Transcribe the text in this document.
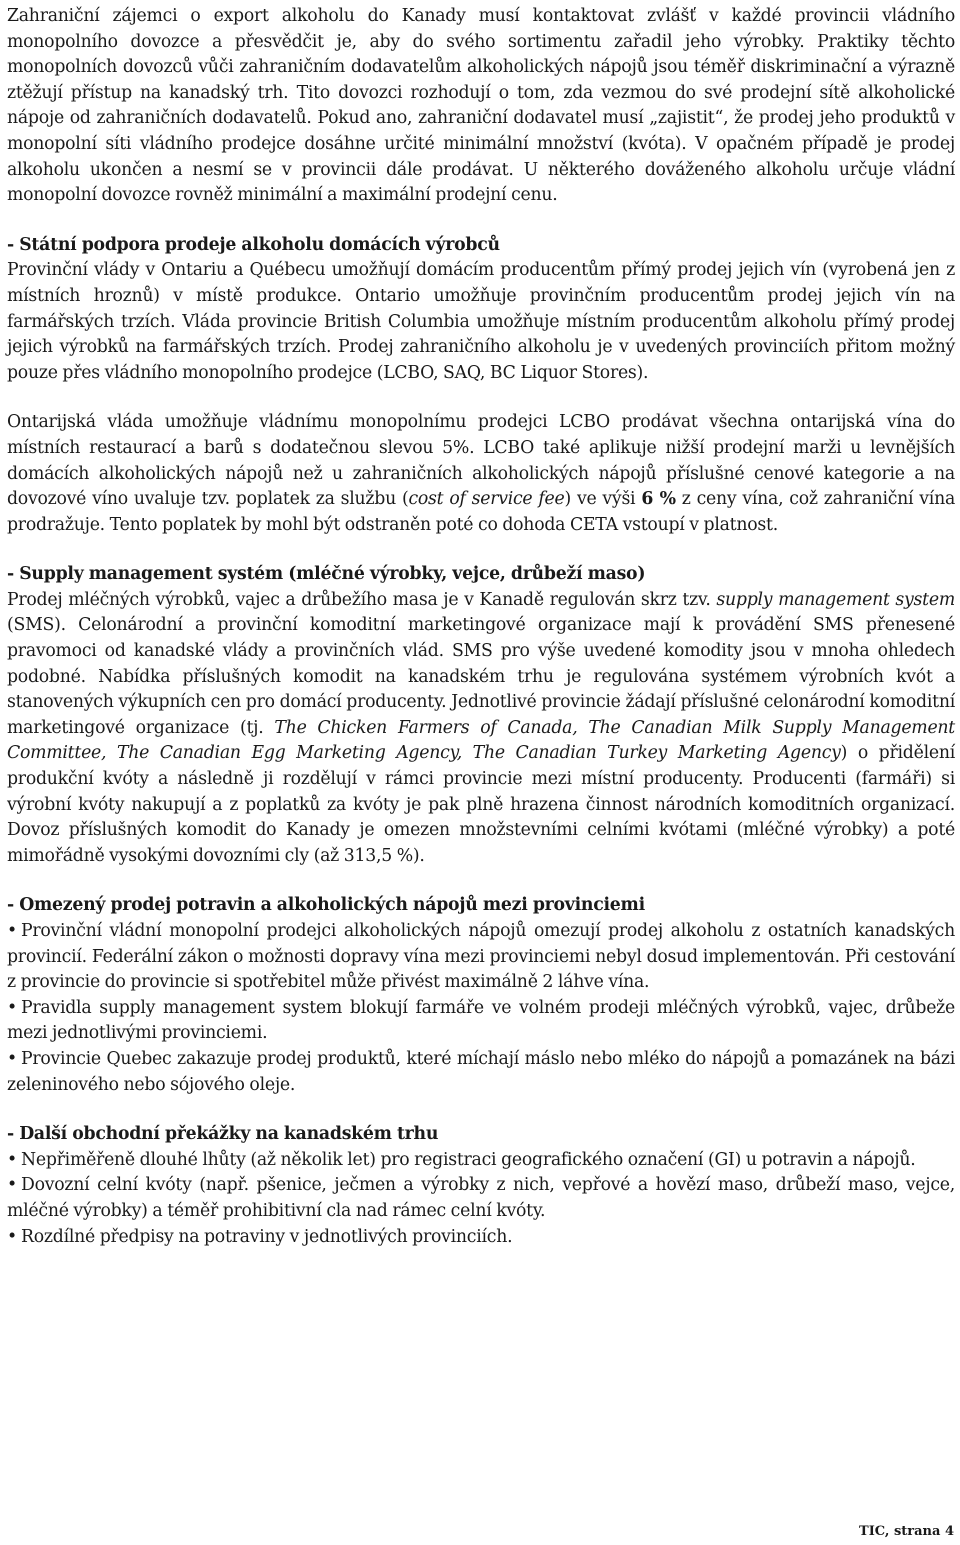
Zahraniční zájemci o export alkoholu do Kanady musí kontaktovat zvlášť v každé provincii vládního monopolního dovozce a přesvědčit je, aby do svého sortimentu zařadil jeho výrobky. Praktiky těchto monopolních dovozců vůči zahraničním dodavatelům alkoholických nápojů jsou téměř diskriminační a výrazně ztěžují přístup na kanadský trh. Tito dovozci rozhodují o tom, zda vezmou do své prodejní sítě alkoholické nápoje od zahraničních dodavatelů. Pokud ano, zahraniční dodavatel musí „zajistit“, že prodej jeho produktů v monopolní síti vládního prodejce dosáhne určité minimální množství (kvóta). V opačném případě je prodej alkoholu ukončen a nesmí se v provincii dále prodávat. U některého dováženého alkoholu určuje vládní monopolní dovozce rovněž minimální a maximální prodejní cenu.

- Státní podpora prodeje alkoholu domácích výrobců

Provinční vlády v Ontariu a Québecu umožňují domácím producentům přímý prodej jejich vín (vyrobená jen z místních hroznů) v místě produkce. Ontario umožňuje provinčním producentům prodej jejich vín na farmářských trzích. Vláda provincie British Columbia umožňuje místním producentům alkoholu přímý prodej jejich výrobků na farmářských trzích. Prodej zahraničního alkoholu je v uvedených provinciích přitom možný pouze přes vládního monopolního prodejce (LCBO, SAQ, BC Liquor Stores).

Ontarijská vláda umožňuje vládnímu monopolnímu prodejci LCBO prodávat všechna ontarijská vína do místních restaurací a barů s dodatečnou slevou 5%. LCBO také aplikuje nižší prodejní marži u levnějších domácích alkoholických nápojů než u zahraničních alkoholických nápojů příslušné cenové kategorie a na dovozové víno uvaluje tzv. poplatek za službu (cost of service fee) ve výši 6 % z ceny vína, což zahraniční vína prodražuje. Tento poplatek by mohl být odstraněn poté co dohoda CETA vstoupí v platnost.

- Supply management systém (mléčné výrobky, vejce, drůbeží maso)

Prodej mléčných výrobků, vajec a drůbežího masa je v Kanadě regulován skrz tzv. supply management system (SMS). Celonárodní a provinční komoditní marketingové organizace mají k provádění SMS přenesené pravomoci od kanadské vlády a provinčních vlád. SMS pro výše uvedené komodity jsou v mnoha ohledech podobné. Nabídka příslušných komodit na kanadském trhu je regulována systémem výrobních kvót a stanovených výkupních cen pro domácí producenty. Jednotlivé provincie žádají příslušné celonárodní komoditní marketingové organizace (tj. The Chicken Farmers of Canada, The Canadian Milk Supply Management Committee, The Canadian Egg Marketing Agency, The Canadian Turkey Marketing Agency) o přidělení produkční kvóty a následně ji rozdělují v rámci provincie mezi místní producenty. Producenti (farmáři) si výrobní kvóty nakupují a z poplatků za kvóty je pak plně hrazena činnost národních komoditních organizací. Dovoz příslušných komodit do Kanady je omezen množstevními celními kvótami (mléčné výrobky) a poté mimořádně vysokými dovozními cly (až 313,5 %).

- Omezený prodej potravin a alkoholických nápojů mezi provinciemi

• Provinční vládní monopolní prodejci alkoholických nápojů omezují prodej alkoholu z ostatních kanadských provincií. Federální zákon o možnosti dopravy vína mezi provinciemi nebyl dosud implementován. Při cestování z provincie do provincie si spotřebitel může přivést maximálně 2 láhve vína.
• Pravidla supply management system blokují farmáře ve volném prodeji mléčných výrobků, vajec, drůbeže mezi jednotlivými provinciemi.
• Provincie Quebec zakazuje prodej produktů, které míchají máslo nebo mléko do nápojů a pomazánek na bázi zeleninového nebo sójového oleje.

- Další obchodní překážky na kanadském trhu

• Nepřiměřeně dlouhé lhůty (až několik let) pro registraci geografického označení (GI) u potravin a nápojů.
• Dovozní celní kvóty (např. pšenice, ječmen a výrobky z nich, vepřové a hovězí maso, drůbeží maso, vejce, mléčné výrobky) a téměř prohibitivní cla nad rámec celní kvóty.
• Rozdílné předpisy na potraviny v jednotlivých provinciích.
TIC, strana 4
